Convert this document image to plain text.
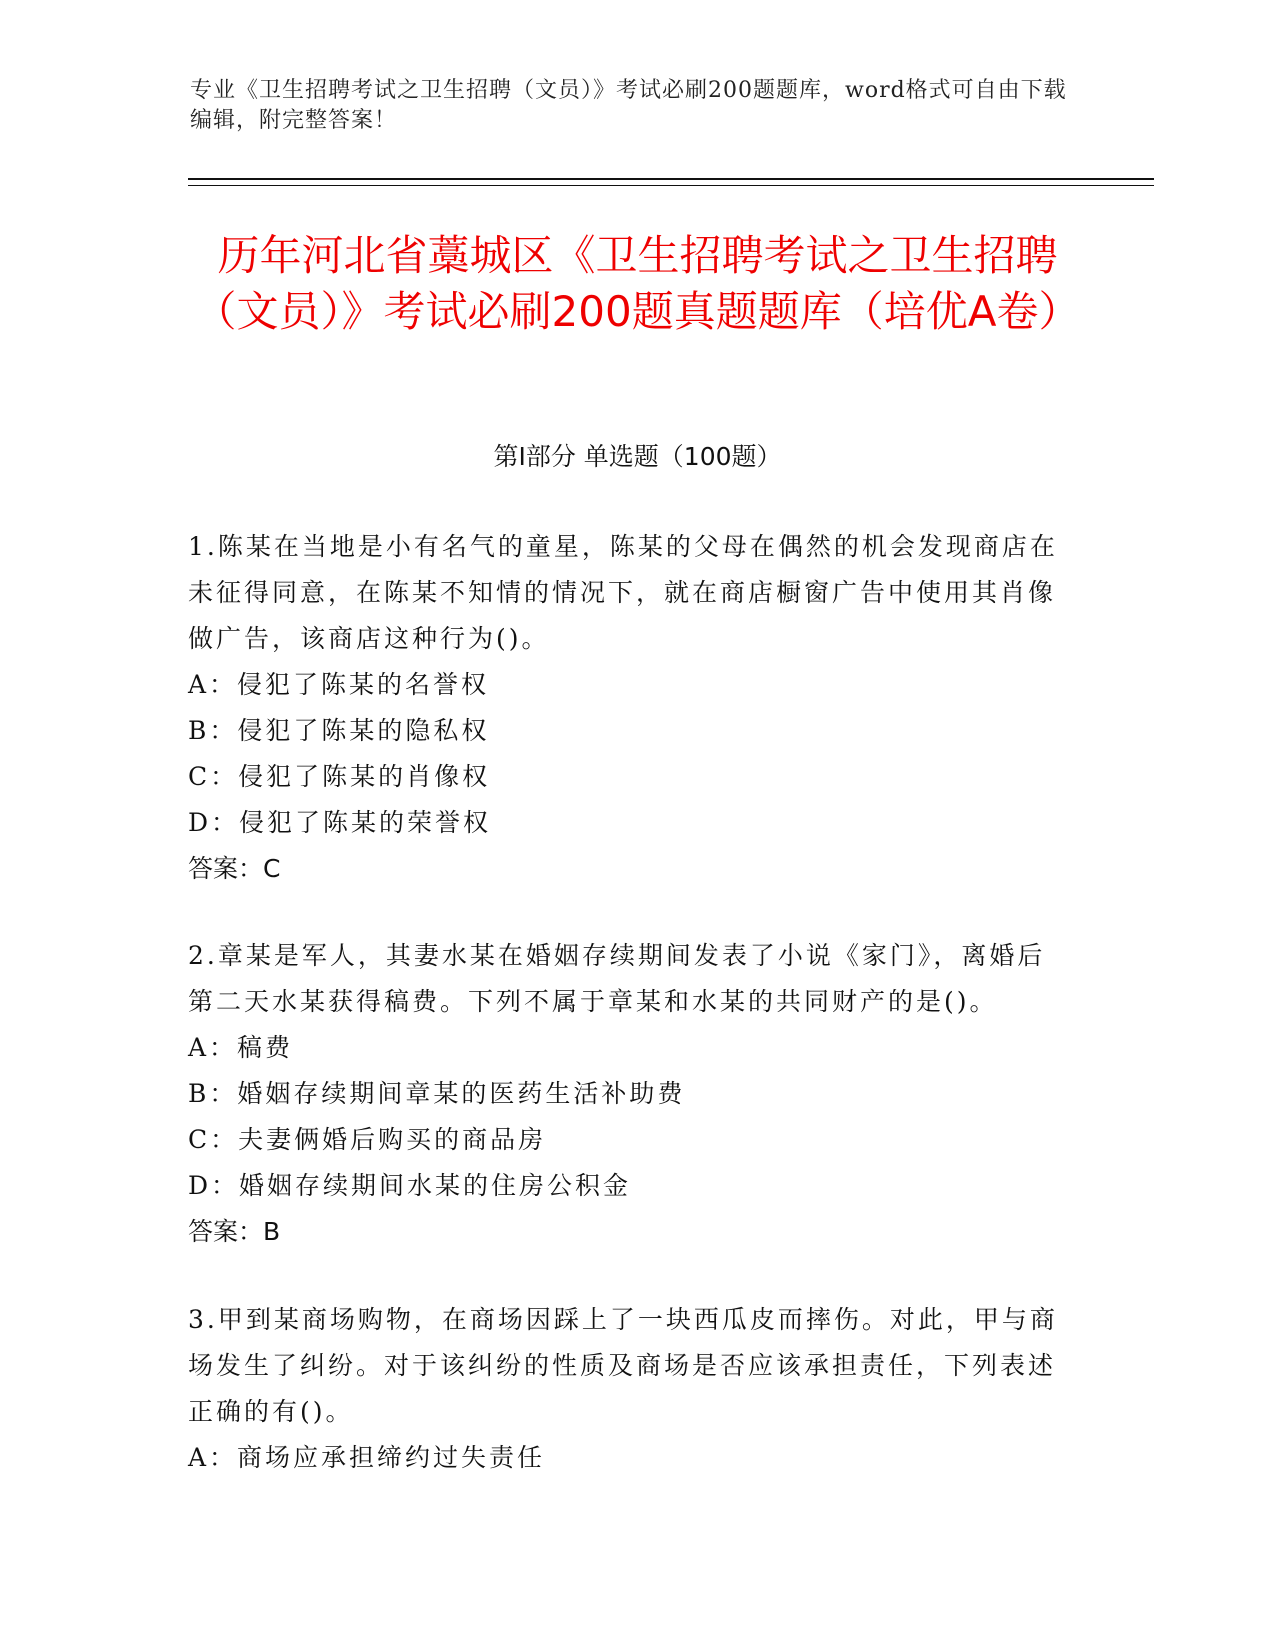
专业《卫生招聘考试之卫生招聘（文员）》考试必刷200题题库，word格式可自由下载编辑，附完整答案！
历年河北省藁城区《卫生招聘考试之卫生招聘（文员）》考试必刷200题真题题库（培优A卷）
第Ⅰ部分 单选题（100题）

1.陈某在当地是小有名气的童星，陈某的父母在偶然的机会发现商店在未征得同意，在陈某不知情的情况下，就在商店橱窗广告中使用其肖像做广告，该商店这种行为()。

A：侵犯了陈某的名誉权

B：侵犯了陈某的隐私权

C：侵犯了陈某的肖像权

D：侵犯了陈某的荣誉权

答案：C

2.章某是军人，其妻水某在婚姻存续期间发表了小说《家门》，离婚后第二天水某获得稿费。下列不属于章某和水某的共同财产的是()。

A：稿费

B：婚姻存续期间章某的医药生活补助费

C：夫妻俩婚后购买的商品房

D：婚姻存续期间水某的住房公积金

答案：B

3.甲到某商场购物，在商场因踩上了一块西瓜皮而摔伤。对此，甲与商场发生了纠纷。对于该纠纷的性质及商场是否应该承担责任，下列表述正确的有()。

A：商场应承担缔约过失责任
